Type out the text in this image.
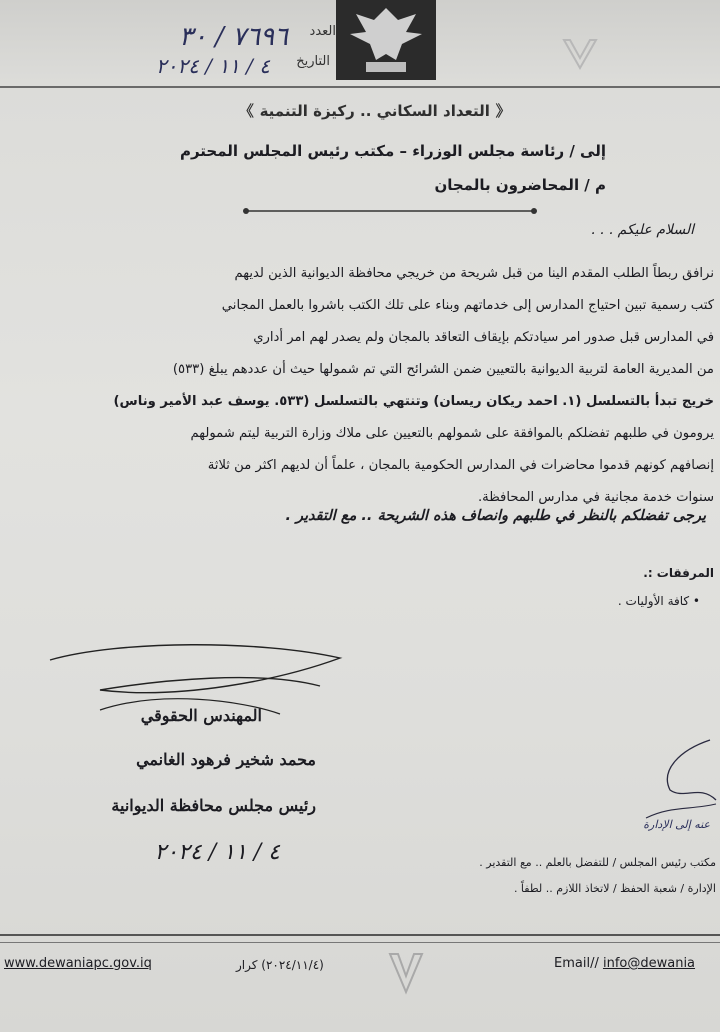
العدد
٧٦٩٦ / ٣٠
التاريخ
٤ / ١١ / ٢٠٢٤
《 التعداد السكاني .. ركيزة التنمية 》
إلى / رئاسة مجلس الوزراء – مكتب رئيس المجلس المحترم
م / المحاضرون بالمجان
السلام عليكم . . .
نرافق ربطاً الطلب المقدم الينا من قبل شريحة من خريجي محافظة الديوانية الذين لديهم
كتب رسمية تبين احتياج المدارس إلى خدماتهم وبناء على تلك الكتب باشروا بالعمل المجاني
في المدارس قبل صدور امر سيادتكم بإيقاف التعاقد بالمجان ولم يصدر لهم امر أداري
من المديرية العامة لتربية الديوانية بالتعيين ضمن الشرائح التي تم شمولها حيث أن عددهم يبلغ (٥٣٣)
خريج تبدأ بالتسلسل (١. احمد ريكان ريسان) وتنتهي بالتسلسل (٥٣٣. يوسف عبد الأمير وناس)
يرومون في طلبهم تفضلكم بالموافقة على شمولهم بالتعيين على ملاك وزارة التربية ليتم شمولهم
إنصافهم كونهم قدموا محاضرات في المدارس الحكومية بالمجان ، علماً أن لديهم اكثر من ثلاثة
سنوات خدمة مجانية في مدارس المحافظة.
يرجى تفضلكم بالنظر في طلبهم وانصاف هذه الشريحة .. مع التقدير .
المرفقات :.
• كافة الأوليات .
المهندس الحقوقي
محمد شخير فرهود الغانمي
رئيس مجلس محافظة الديوانية
٤ / ١١ / ٢٠٢٤
عنه إلى الإدارة
مكتب رئيس المجلس / للتفضل بالعلم .. مع التقدير .
الإدارة / شعبة الحفظ / لاتخاذ اللازم .. لطفاً .
www.dewaniapc.gov.iq	(٢٠٢٤/١١/٤) كرار	Email// info@dewania
